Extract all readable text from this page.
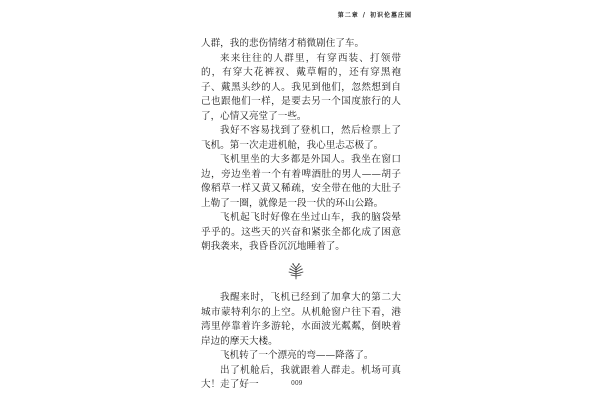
第二章 / 初识伦墓庄园

人群，我的悲伤情绪才稍微剧住了车。

来来往往的人群里，有穿西装、打领带的，有穿大花裤衩、戴草帽的，还有穿黑袍子、戴黑头纱的人。我见到他们，忽然想到自己也跟他们一样，是要去另一个国度旅行的人了，心情又亮堂了一些。

我好不容易找到了登机口，然后检票上了飞机。第一次走进机舱，我心里忐忑极了。

飞机里坐的大多都是外国人。我坐在窗口边，旁边坐着一个有着啤酒肚的男人——胡子像稻草一样又黄又稀疏，安全带在他的大肚子上勒了一圈，就像是一段一伏的环山公路。

飞机起飞时好像在坐过山车，我的脑袋晕乎乎的。这些天的兴奋和紧张全都化成了困意朝我袭来，我昏昏沉沉地睡着了。

我醒来时，飞机已经到了加拿大的第二大城市蒙特利尔的上空。从机舱窗户往下看，港湾里停靠着许多游轮，水面波光粼粼，倒映着岸边的摩天大楼。

飞机转了一个漂亮的弯——降落了。

出了机舱后，我就跟着人群走。机场可真大！走了好一	009
